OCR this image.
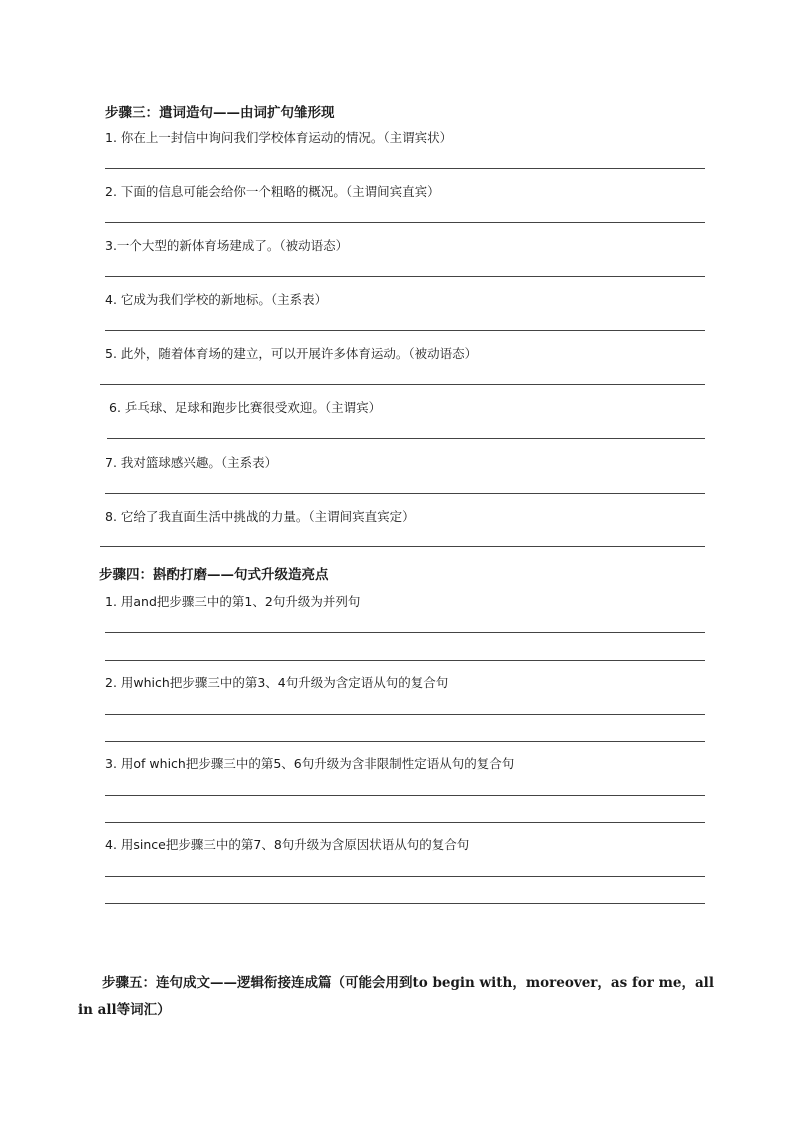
步骤三：遣词造句——由词扩句雏形现
1. 你在上一封信中询问我们学校体育运动的情况。（主谓宾状）
2. 下面的信息可能会给你一个粗略的概况。（主谓间宾直宾）
3.一个大型的新体育场建成了。（被动语态）
4. 它成为我们学校的新地标。（主系表）
5. 此外，随着体育场的建立，可以开展许多体育运动。（被动语态）
6. 乒乓球、足球和跑步比赛很受欢迎。（主谓宾）
7. 我对篮球感兴趣。（主系表）
8. 它给了我直面生活中挑战的力量。（主谓间宾直宾定）
步骤四：斟酌打磨——句式升级造亮点
1. 用and把步骤三中的第1、2句升级为并列句
2. 用which把步骤三中的第3、4句升级为含定语从句的复合句
3. 用of which把步骤三中的第5、6句升级为含非限制性定语从句的复合句
4. 用since把步骤三中的第7、8句升级为含原因状语从句的复合句
步骤五：连句成文——逻辑衔接连成篇（可能会用到to begin with，moreover，as for me，all in all等词汇）
